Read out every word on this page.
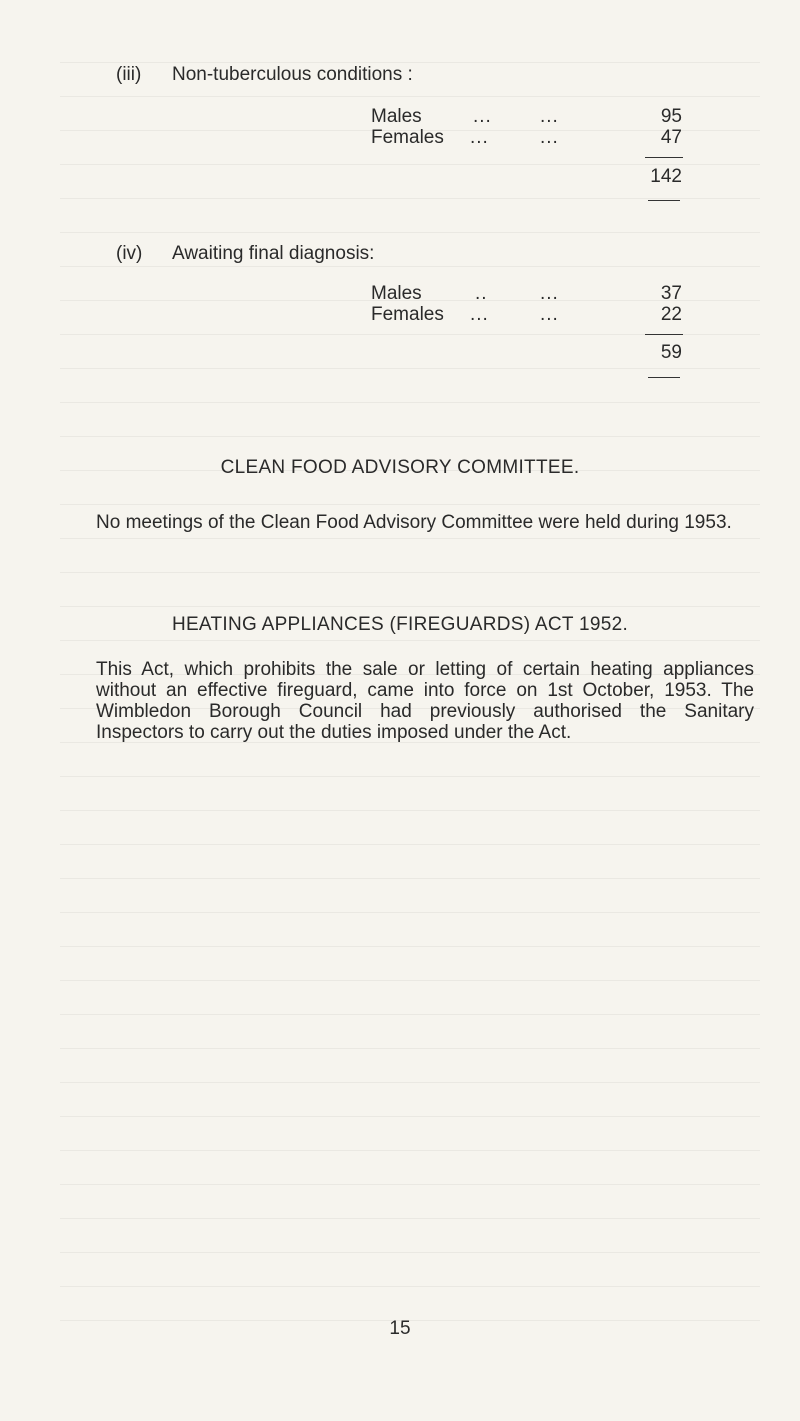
(iii) Non-tuberculous conditions :
Males	...	...	95
Females ...	...	47
142
(iv) Awaiting final diagnosis:
Males	..	...	37
Females ...	...	22
59
CLEAN FOOD ADVISORY COMMITTEE.
No meetings of the Clean Food Advisory Committee were held during 1953.
HEATING APPLIANCES (FIREGUARDS) ACT 1952.
This Act, which prohibits the sale or letting of certain heating appliances without an effective fireguard, came into force on 1st October, 1953. The Wimbledon Borough Council had previously authorised the Sanitary Inspectors to carry out the duties imposed under the Act.
15
